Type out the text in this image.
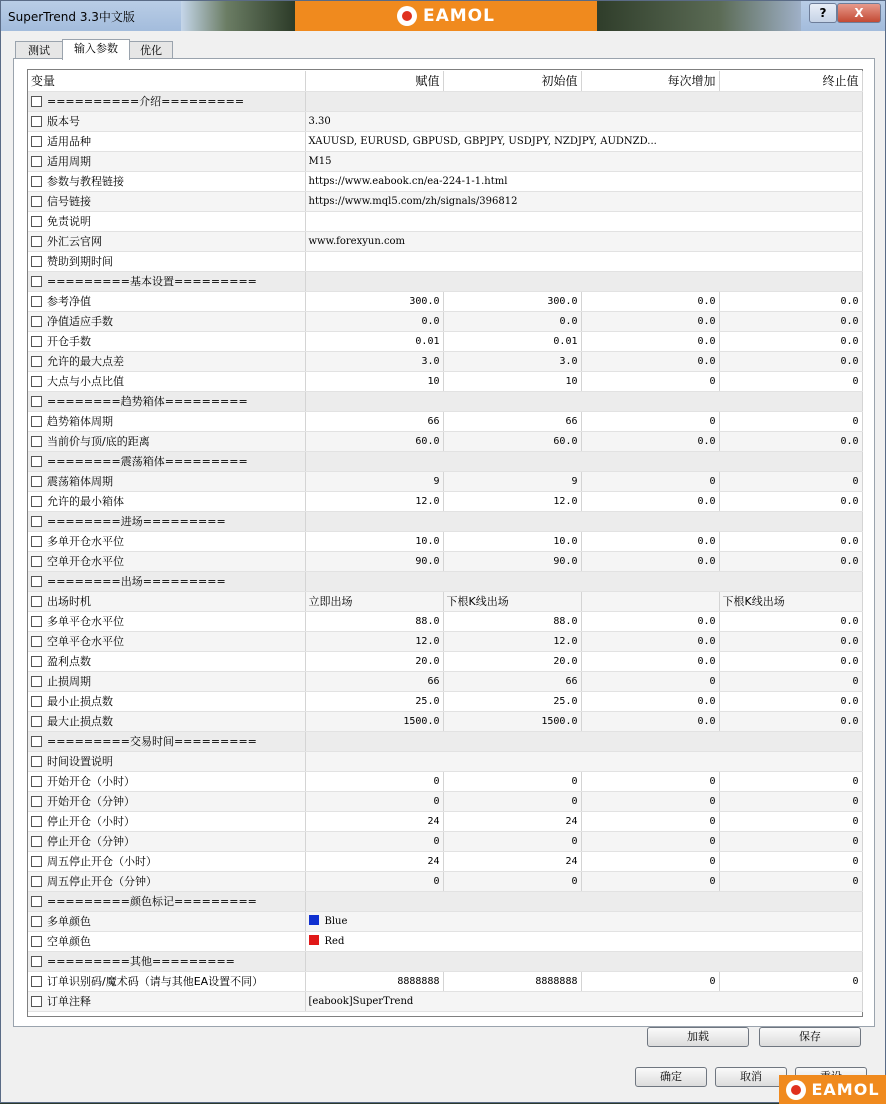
SuperTrend 3.3中文版	EAMOL	?	X
测试	输入参数	优化
变量	赋值	初始值	每次增加	终止值

==========介绍=========				

版本号	3.30			

适用品种	XAUUSD, EURUSD, GBPUSD, GBPJPY, USDJPY, NZDJPY, AUDNZD...			

适用周期	M15			

参数与教程链接	https://www.eabook.cn/ea-224-1-1.html			

信号链接	https://www.mql5.com/zh/signals/396812			

免责说明				

外汇云官网	www.forexyun.com			

赞助到期时间				

=========基本设置=========				

参考净值	300.0	300.0	0.0	0.0

净值适应手数	0.0	0.0	0.0	0.0

开仓手数	0.01	0.01	0.0	0.0

允许的最大点差	3.0	3.0	0.0	0.0

大点与小点比值	10	10	0	0

========趋势箱体=========				

趋势箱体周期	66	66	0	0

当前价与顶/底的距离	60.0	60.0	0.0	0.0

========震荡箱体=========				

震荡箱体周期	9	9	0	0

允许的最小箱体	12.0	12.0	0.0	0.0

========进场=========				

多单开仓水平位	10.0	10.0	0.0	0.0

空单开仓水平位	90.0	90.0	0.0	0.0

========出场=========				

出场时机	立即出场	下根K线出场		下根K线出场

多单平仓水平位	88.0	88.0	0.0	0.0

空单平仓水平位	12.0	12.0	0.0	0.0

盈利点数	20.0	20.0	0.0	0.0

止损周期	66	66	0	0

最小止损点数	25.0	25.0	0.0	0.0

最大止损点数	1500.0	1500.0	0.0	0.0

=========交易时间=========				

时间设置说明				

开始开仓（小时）	0	0	0	0

开始开仓（分钟）	0	0	0	0

停止开仓（小时）	24	24	0	0

停止开仓（分钟）	0	0	0	0

周五停止开仓（小时）	24	24	0	0

周五停止开仓（分钟）	0	0	0	0

=========颜色标记=========				

多单颜色	Blue			

空单颜色	Red			

=========其他=========				

订单识别码/魔术码（请与其他EA设置不同）	8888888	8888888	0	0

订单注释	[eabook]SuperTrend			
加载	保存
确定	取消
EAMOL
